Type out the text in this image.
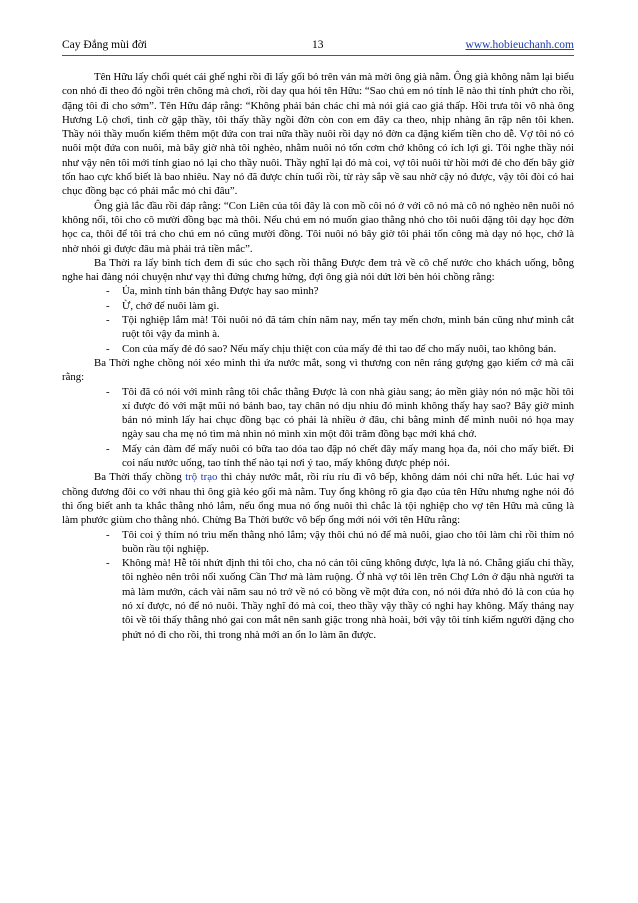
Cay Đắng mùi đời	13	www.hobieuchanh.com

Tên Hữu lấy chổi quét cái ghế nghi rồi đi lấy gối bỏ trên ván mà mời ông già nằm. Ông già không nằm lại biểu con nhỏ đi theo đó ngồi trên chõng mà chơi, rồi day qua hỏi tên Hữu: “Sao chú em nó tính lẽ nào thì tính phứt cho rồi, đặng tôi đi cho sớm”. Tên Hữu đáp rằng: “Không phải bán chác chi mà nói giá cao giá thấp. Hồi trưa tôi vô nhà ông Hương Lộ chơi, tình cờ gặp thầy, tôi thấy thầy ngồi đờn còn con em đây ca theo, nhịp nhàng ăn rập nên tôi khen. Thầy nói thầy muốn kiếm thêm một đứa con trai nữa thầy nuôi rồi dạy nó đờn ca đặng kiếm tiền cho dễ. Vợ tôi nó có nuôi một đứa con nuôi, mà bây giờ nhà tôi nghèo, nhằm nuôi nó tốn cơm chớ không có ích lợi gì. Tôi nghe thầy nói như vậy nên tôi mới tính giao nó lại cho thầy nuôi. Thầy nghĩ lại đó mà coi, vợ tôi nuôi từ hồi mới đẻ cho đến bây giờ tốn hao cực khổ biết là bao nhiêu. Nay nó đã được chín tuổi rồi, từ rày sắp về sau nhờ cậy nó được, vậy tôi đòi có hai chục đồng bạc có phải mắc mỏ chi đâu”.

Ông già lắc đầu rồi đáp rằng: “Con Liên của tôi đây là con mồ côi nó ở với cô nó mà cô nó nghèo nên nuôi nó không nổi, tôi cho cô mười đồng bạc mà thôi. Nếu chú em nó muốn giao thằng nhỏ cho tôi nuôi đặng tôi dạy học đờn học ca, thôi để tôi trả cho chú em nó cũng mười đồng. Tôi nuôi nó bây giờ tôi phải tốn công mà dạy nó học, chớ là nhờ nhỏi gì được đâu mà phải trả tiền mắc”.

Ba Thời ra lấy bình tích đem đi súc cho sạch rồi thằng Được đem trà về cô chế nước cho khách uống, bỗng nghe hai đàng nói chuyện như vạy thì đứng chưng hửng, đợi ông già nói dứt lời bèn hỏi chồng rằng:

- Ủa, mình tính bán thằng Được hay sao mình?
- Ừ, chớ để nuôi làm gì.
- Tội nghiệp lắm mà! Tôi nuôi nó đã tám chín năm nay, mến tay mến chơn, mình bán cũng như mình cắt ruột tôi vậy đa mình à.
- Con của mấy đẻ đó sao? Nếu mấy chịu thiệt con của mấy đẻ thì tao để cho mấy nuôi, tao không bán.

Ba Thời nghe chồng nói xéo mình thì ứa nước mắt, song vì thương con nên ráng gượng gạo kiếm cớ mà cãi rằng:

- Tôi đã có nói với mình rằng tôi chắc thằng Được là con nhà giàu sang; áo mền giày nón nó mặc hồi tôi xí được đó với mặt mũi nó bảnh bao, tay chân nó dịu nhiu đó mình không thấy hay sao? Bây giờ mình bán nó mình lấy hai chục đồng bạc có phải là nhiều ở đâu, chi bằng mình để mình nuôi nó họa may ngày sau cha mẹ nó tìm mà nhìn nó mình xin một đôi trăm đồng bạc mới khá chớ.
- Mấy cản đàm để mấy nuôi có bữa tao dóa tao đập nó chết đây mấy mang họa đa, nói cho mấy biết. Đi coi nấu nước uống, tao tính thế nào tại nơi ý tao, mấy không được phép nói.

Ba Thời thấy chồng trộ trạo thì chảy nước mắt, rồi ríu ríu đi vô bếp, không dám nói chi nữa hết. Lúc hai vợ chồng đương đôi co với nhau thì ông già kéo gối mà nằm. Tuy ổng không rõ gia đạo của tên Hữu nhưng nghe nói đó thì ổng biết anh ta khắc thằng nhỏ lắm, nếu ổng mua nó ổng nuôi thì chắc là tội nghiệp cho vợ tên Hữu mà cũng là làm phước giùm cho thằng nhỏ. Chừng Ba Thời bước vô bếp ổng mới nói với tên Hữu rằng:

- Tôi coi ý thím nó trìu mến thằng nhỏ lắm; vậy thôi chú nó để mà nuôi, giao cho tôi làm chi rồi thím nó buồn rầu tội nghiệp.
- Không mà! Hễ tôi nhứt định thì tôi cho, cha nó cản tôi cũng không được, lựa là nó. Chẳng giấu chi thầy, tôi nghèo nên trôi nổi xuống Cần Thơ mà làm ruộng. Ở nhà vợ tôi lên trên Chợ Lớn ở đậu nhà người ta mà làm mướn, cách vài năm sau nó trở về nó có bồng về một đứa con, nó nói đứa nhỏ đó là con của họ nó xí được, nó để nó nuôi. Thầy nghĩ đó mà coi, theo thầy vậy thầy có nghi hay không. Mấy tháng nay tôi về tôi thấy thằng nhỏ gai con mắt nên sanh giặc trong nhà hoài, bởi vậy tôi tính kiếm người đặng cho phứt nó đi cho rồi, thì trong nhà mới an ổn lo làm ăn được.
